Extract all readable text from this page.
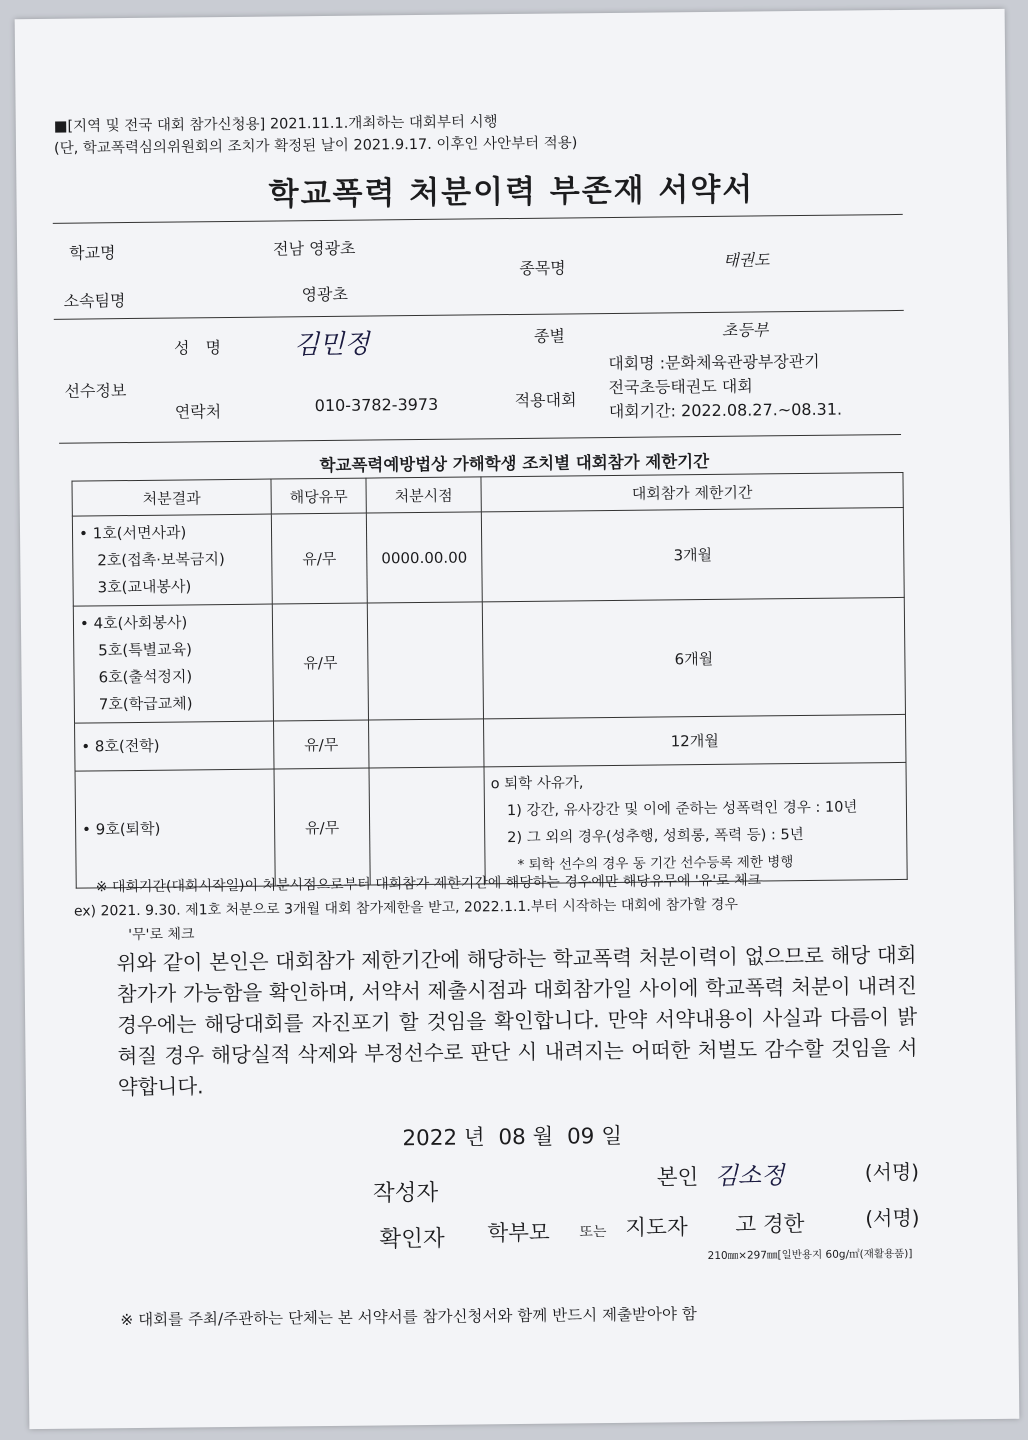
■[지역 및 전국 대회 참가신청용] 2021.11.1.개최하는 대회부터 시행
(단, 학교폭력심의위원회의 조치가 확정된 날이 2021.9.17. 이후인 사안부터 적용)
학교폭력 처분이력 부존재 서약서
학교명	전남 영광초
소속팀명	영광초
종목명	태권도
선수정보
성　명	김민정
연락처	010-3782-3973
종별	초등부
적용대회
대회명 :문화체육관광부장관기
전국초등태권도 대회
대회기간: 2022.08.27.~08.31.
학교폭력예방법상 가해학생 조치별 대회참가 제한기간
처분결과	해당유무	처분시점	대회참가 제한기간

• 1호(서면사과)
2호(접촉·보복금지)
3호(교내봉사)	유/무	0000.00.00	3개월

• 4호(사회봉사)
5호(특별교육)
6호(출석정지)
7호(학급교체)	유/무		6개월

• 8호(전학)	유/무		12개월

• 9호(퇴학)	유/무		o 퇴학 사유가,
1) 강간, 유사강간 및 이에 준하는 성폭력인 경우 : 10년
2) 그 외의 경우(성추행, 성희롱, 폭력 등) : 5년
* 퇴학 선수의 경우 동 기간 선수등록 제한 병행
※ 대회기간(대회시작일)이 처분시점으로부터 대회참가 제한기간에 해당하는 경우에만 해당유무에 '유'로 체크
ex) 2021. 9.30. 제1호 처분으로 3개월 대회 참가제한을 받고, 2022.1.1.부터 시작하는 대회에 참가할 경우
'무'로 체크
위와 같이 본인은 대회참가 제한기간에 해당하는 학교폭력 처분이력이 없으므로 해당 대회 참가가 가능함을 확인하며, 서약서 제출시점과 대회참가일 사이에 학교폭력 처분이 내려진 경우에는 해당대회를 자진포기 할 것임을 확인합니다. 만약 서약내용이 사실과 다름이 밝혀질 경우 해당실적 삭제와 부정선수로 판단 시 내려지는 어떠한 처벌도 감수할 것임을 서약합니다.
2022 년 08 월 09 일
작성자
본인 김소정	(서명)
확인자 학부모 또는 지도자 고 경한	(서명)
210㎜×297㎜[일반용지 60g/㎡(재활용품)]
※ 대회를 주최/주관하는 단체는 본 서약서를 참가신청서와 함께 반드시 제출받아야 함
